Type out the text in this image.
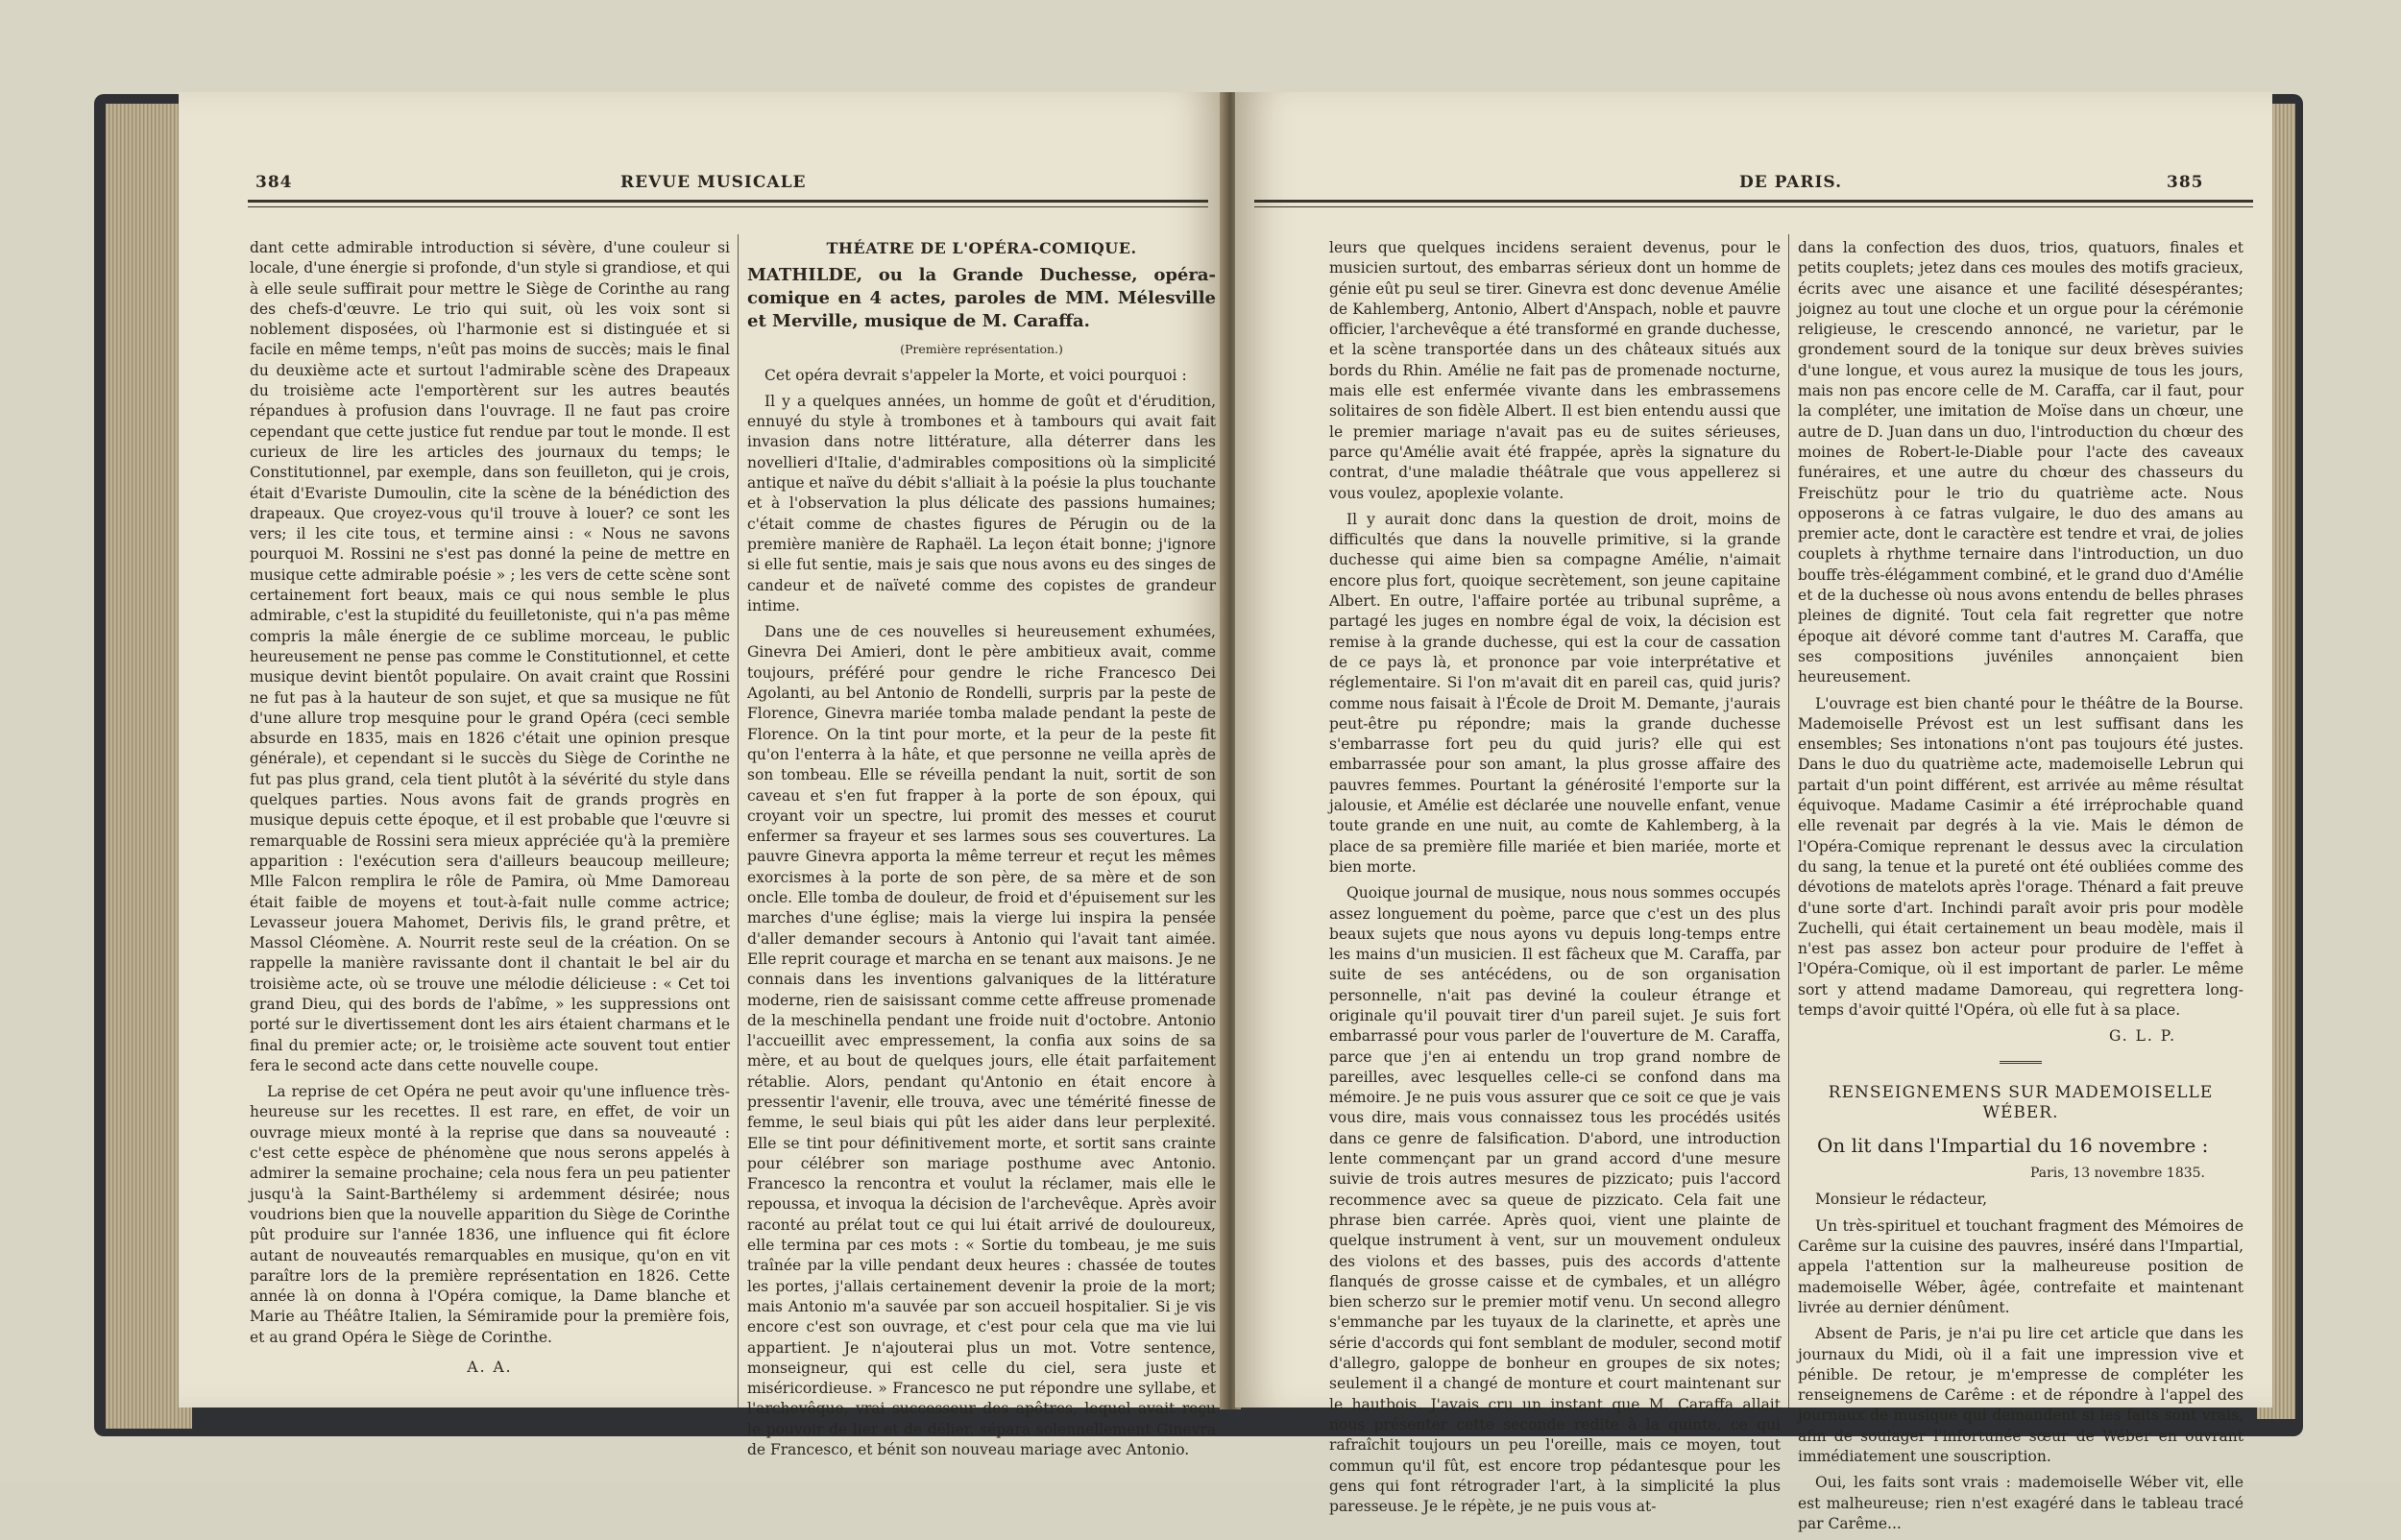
384	REVUE MUSICALE

dant cette admirable introduction si sévère, d'une couleur si locale, d'une énergie si profonde, d'un style si grandiose, et qui à elle seule suffirait pour mettre le Siège de Corinthe au rang des chefs-d'œuvre. Le trio qui suit, où les voix sont si noblement disposées, où l'harmonie est si distinguée et si facile en même temps, n'eût pas moins de succès; mais le final du deuxième acte et surtout l'admirable scène des Drapeaux du troisième acte l'emportèrent sur les autres beautés répandues à profusion dans l'ouvrage. Il ne faut pas croire cependant que cette justice fut rendue par tout le monde. Il est curieux de lire les articles des journaux du temps; le Constitutionnel, par exemple, dans son feuilleton, qui je crois, était d'Evariste Dumoulin, cite la scène de la bénédiction des drapeaux. Que croyez-vous qu'il trouve à louer? ce sont les vers; il les cite tous, et termine ainsi : « Nous ne savons pourquoi M. Rossini ne s'est pas donné la peine de mettre en musique cette admirable poésie » ; les vers de cette scène sont certainement fort beaux, mais ce qui nous semble le plus admirable, c'est la stupidité du feuilletoniste, qui n'a pas même compris la mâle énergie de ce sublime morceau, le public heureusement ne pense pas comme le Constitutionnel, et cette musique devint bientôt populaire. On avait craint que Rossini ne fut pas à la hauteur de son sujet, et que sa musique ne fût d'une allure trop mesquine pour le grand Opéra (ceci semble absurde en 1835, mais en 1826 c'était une opinion presque générale), et cependant si le succès du Siège de Corinthe ne fut pas plus grand, cela tient plutôt à la sévérité du style dans quelques parties. Nous avons fait de grands progrès en musique depuis cette époque, et il est probable que l'œuvre si remarquable de Rossini sera mieux appréciée qu'à la première apparition : l'exécution sera d'ailleurs beaucoup meilleure; Mlle Falcon remplira le rôle de Pamira, où Mme Damoreau était faible de moyens et tout-à-fait nulle comme actrice; Levasseur jouera Mahomet, Derivis fils, le grand prêtre, et Massol Cléomène. A. Nourrit reste seul de la création. On se rappelle la manière ravissante dont il chantait le bel air du troisième acte, où se trouve une mélodie délicieuse : « Cet toi grand Dieu, qui des bords de l'abîme, » les suppressions ont porté sur le divertissement dont les airs étaient charmans et le final du premier acte; or, le troisième acte souvent tout entier fera le second acte dans cette nouvelle coupe.

La reprise de cet Opéra ne peut avoir qu'une influence très-heureuse sur les recettes. Il est rare, en effet, de voir un ouvrage mieux monté à la reprise que dans sa nouveauté : c'est cette espèce de phénomène que nous serons appelés à admirer la semaine prochaine; cela nous fera un peu patienter jusqu'à la Saint-Barthélemy si ardemment désirée; nous voudrions bien que la nouvelle apparition du Siège de Corinthe pût produire sur l'année 1836, une influence qui fit éclore autant de nouveautés remarquables en musique, qu'on en vit paraître lors de la première représentation en 1826. Cette année là on donna à l'Opéra comique, la Dame blanche et Marie au Théâtre Italien, la Sémiramide pour la première fois, et au grand Opéra le Siège de Corinthe.

A. A.

THÉATRE DE L'OPÉRA-COMIQUE.

MATHILDE, ou la Grande Duchesse, opéra-comique en 4 actes, paroles de MM. Mélesville et Merville, musique de M. Caraffa.

(Première représentation.)

Cet opéra devrait s'appeler la Morte, et voici pourquoi :

Il y a quelques années, un homme de goût et d'érudition, ennuyé du style à trombones et à tambours qui avait fait invasion dans notre littérature, alla déterrer dans les novellieri d'Italie, d'admirables compositions où la simplicité antique et naïve du débit s'alliait à la poésie la plus touchante et à l'observation la plus délicate des passions humaines; c'était comme de chastes figures de Pérugin ou de la première manière de Raphaël. La leçon était bonne; j'ignore si elle fut sentie, mais je sais que nous avons eu des singes de candeur et de naïveté comme des copistes de grandeur intime.

Dans une de ces nouvelles si heureusement exhumées, Ginevra Dei Amieri, dont le père ambitieux avait, comme toujours, préféré pour gendre le riche Francesco Dei Agolanti, au bel Antonio de Rondelli, surpris par la peste de Florence, Ginevra mariée tomba malade pendant la peste de Florence. On la tint pour morte, et la peur de la peste fit qu'on l'enterra à la hâte, et que personne ne veilla après de son tombeau. Elle se réveilla pendant la nuit, sortit de son caveau et s'en fut frapper à la porte de son époux, qui croyant voir un spectre, lui promit des messes et courut enfermer sa frayeur et ses larmes sous ses couvertures. La pauvre Ginevra apporta la même terreur et reçut les mêmes exorcismes à la porte de son père, de sa mère et de son oncle. Elle tomba de douleur, de froid et d'épuisement sur les marches d'une église; mais la vierge lui inspira la pensée d'aller demander secours à Antonio qui l'avait tant aimée. Elle reprit courage et marcha en se tenant aux maisons. Je ne connais dans les inventions galvaniques de la littérature moderne, rien de saisissant comme cette affreuse promenade de la meschinella pendant une froide nuit d'octobre. Antonio l'accueillit avec empressement, la confia aux soins de sa mère, et au bout de quelques jours, elle était parfaitement rétablie. Alors, pendant qu'Antonio en était encore à pressentir l'avenir, elle trouva, avec une témérité finesse de femme, le seul biais qui pût les aider dans leur perplexité. Elle se tint pour définitivement morte, et sortit sans crainte pour célébrer son mariage posthume avec Antonio. Francesco la rencontra et voulut la réclamer, mais elle le repoussa, et invoqua la décision de l'archevêque. Après avoir raconté au prélat tout ce qui lui était arrivé de douloureux, elle termina par ces mots : « Sortie du tombeau, je me suis traînée par la ville pendant deux heures : chassée de toutes les portes, j'allais certainement devenir la proie de la mort; mais Antonio m'a sauvée par son accueil hospitalier. Si je vis encore c'est son ouvrage, et c'est pour cela que ma vie lui appartient. Je n'ajouterai plus un mot. Votre sentence, monseigneur, qui est celle du ciel, sera juste et miséricordieuse. » Francesco ne put répondre une syllabe, et l'archevêque, vrai successeur des apôtres, lequel avait reçu le pouvoir de lier et de délier, sépara solennellement Ginevra de Francesco, et bénit son nouveau mariage avec Antonio.

DE PARIS.	385

leurs que quelques incidens seraient devenus, pour le musicien surtout, des embarras sérieux dont un homme de génie eût pu seul se tirer. Ginevra est donc devenue Amélie de Kahlemberg, Antonio, Albert d'Anspach, noble et pauvre officier, l'archevêque a été transformé en grande duchesse, et la scène transportée dans un des châteaux situés aux bords du Rhin. Amélie ne fait pas de promenade nocturne, mais elle est enfermée vivante dans les embrassemens solitaires de son fidèle Albert. Il est bien entendu aussi que le premier mariage n'avait pas eu de suites sérieuses, parce qu'Amélie avait été frappée, après la signature du contrat, d'une maladie théâtrale que vous appellerez si vous voulez, apoplexie volante.

Il y aurait donc dans la question de droit, moins de difficultés que dans la nouvelle primitive, si la grande duchesse qui aime bien sa compagne Amélie, n'aimait encore plus fort, quoique secrètement, son jeune capitaine Albert. En outre, l'affaire portée au tribunal suprême, a partagé les juges en nombre égal de voix, la décision est remise à la grande duchesse, qui est la cour de cassation de ce pays là, et prononce par voie interprétative et réglementaire. Si l'on m'avait dit en pareil cas, quid juris? comme nous faisait à l'École de Droit M. Demante, j'aurais peut-être pu répondre; mais la grande duchesse s'embarrasse fort peu du quid juris? elle qui est embarrassée pour son amant, la plus grosse affaire des pauvres femmes. Pourtant la générosité l'emporte sur la jalousie, et Amélie est déclarée une nouvelle enfant, venue toute grande en une nuit, au comte de Kahlemberg, à la place de sa première fille mariée et bien mariée, morte et bien morte.

Quoique journal de musique, nous nous sommes occupés assez longuement du poème, parce que c'est un des plus beaux sujets que nous ayons vu depuis long-temps entre les mains d'un musicien. Il est fâcheux que M. Caraffa, par suite de ses antécédens, ou de son organisation personnelle, n'ait pas deviné la couleur étrange et originale qu'il pouvait tirer d'un pareil sujet. Je suis fort embarrassé pour vous parler de l'ouverture de M. Caraffa, parce que j'en ai entendu un trop grand nombre de pareilles, avec lesquelles celle-ci se confond dans ma mémoire. Je ne puis vous assurer que ce soit ce que je vais vous dire, mais vous connaissez tous les procédés usités dans ce genre de falsification. D'abord, une introduction lente commençant par un grand accord d'une mesure suivie de trois autres mesures de pizzicato; puis l'accord recommence avec sa queue de pizzicato. Cela fait une phrase bien carrée. Après quoi, vient une plainte de quelque instrument à vent, sur un mouvement onduleux des violons et des basses, puis des accords d'attente flanqués de grosse caisse et de cymbales, et un allégro bien scherzo sur le premier motif venu. Un second allegro s'emmanche par les tuyaux de la clarinette, et après une série d'accords qui font semblant de moduler, second motif d'allegro, galoppe de bonheur en groupes de six notes; seulement il a changé de monture et court maintenant sur le hautbois. J'avais cru un instant que M. Caraffa allait nous présenter cette seconde redite à la quinte, ce qui rafraîchit toujours un peu l'oreille, mais ce moyen, tout commun qu'il fût, est encore trop pédantesque pour les gens qui font rétrograder l'art, à la simplicité la plus paresseuse. Je le répète, je ne puis vous at-

dans la confection des duos, trios, quatuors, finales et petits couplets; jetez dans ces moules des motifs gracieux, écrits avec une aisance et une facilité désespérantes; joignez au tout une cloche et un orgue pour la cérémonie religieuse, le crescendo annoncé, ne varietur, par le grondement sourd de la tonique sur deux brèves suivies d'une longue, et vous aurez la musique de tous les jours, mais non pas encore celle de M. Caraffa, car il faut, pour la compléter, une imitation de Moïse dans un chœur, une autre de D. Juan dans un duo, l'introduction du chœur des moines de Robert-le-Diable pour l'acte des caveaux funéraires, et une autre du chœur des chasseurs du Freischütz pour le trio du quatrième acte. Nous opposerons à ce fatras vulgaire, le duo des amans au premier acte, dont le caractère est tendre et vrai, de jolies couplets à rhythme ternaire dans l'introduction, un duo bouffe très-élégamment combiné, et le grand duo d'Amélie et de la duchesse où nous avons entendu de belles phrases pleines de dignité. Tout cela fait regretter que notre époque ait dévoré comme tant d'autres M. Caraffa, que ses compositions juvéniles annonçaient bien heureusement.

L'ouvrage est bien chanté pour le théâtre de la Bourse. Mademoiselle Prévost est un lest suffisant dans les ensembles; Ses intonations n'ont pas toujours été justes. Dans le duo du quatrième acte, mademoiselle Lebrun qui partait d'un point différent, est arrivée au même résultat équivoque. Madame Casimir a été irréprochable quand elle revenait par degrés à la vie. Mais le démon de l'Opéra-Comique reprenant le dessus avec la circulation du sang, la tenue et la pureté ont été oubliées comme des dévotions de matelots après l'orage. Thénard a fait preuve d'une sorte d'art. Inchindi paraît avoir pris pour modèle Zuchelli, qui était certainement un beau modèle, mais il n'est pas assez bon acteur pour produire de l'effet à l'Opéra-Comique, où il est important de parler. Le même sort y attend madame Damoreau, qui regrettera long-temps d'avoir quitté l'Opéra, où elle fut à sa place.

G. L. P.

RENSEIGNEMENS SUR MADEMOISELLE WÉBER.

On lit dans l'Impartial du 16 novembre :

Paris, 13 novembre 1835.

Monsieur le rédacteur,

Un très-spirituel et touchant fragment des Mémoires de Carême sur la cuisine des pauvres, inséré dans l'Impartial, appela l'attention sur la malheureuse position de mademoiselle Wéber, âgée, contrefaite et maintenant livrée au dernier dénûment.

Absent de Paris, je n'ai pu lire cet article que dans les journaux du Midi, où il a fait une impression vive et pénible. De retour, je m'empresse de compléter les renseignemens de Carême : et de répondre à l'appel des journaux de musique qui demandent si les faits sont vrais, afin de soulager l'infortunée sœur de Wéber en ouvrant immédiatement une souscription.

Oui, les faits sont vrais : mademoiselle Wéber vit, elle est malheureuse; rien n'est exagéré dans le tableau tracé par Carême...
